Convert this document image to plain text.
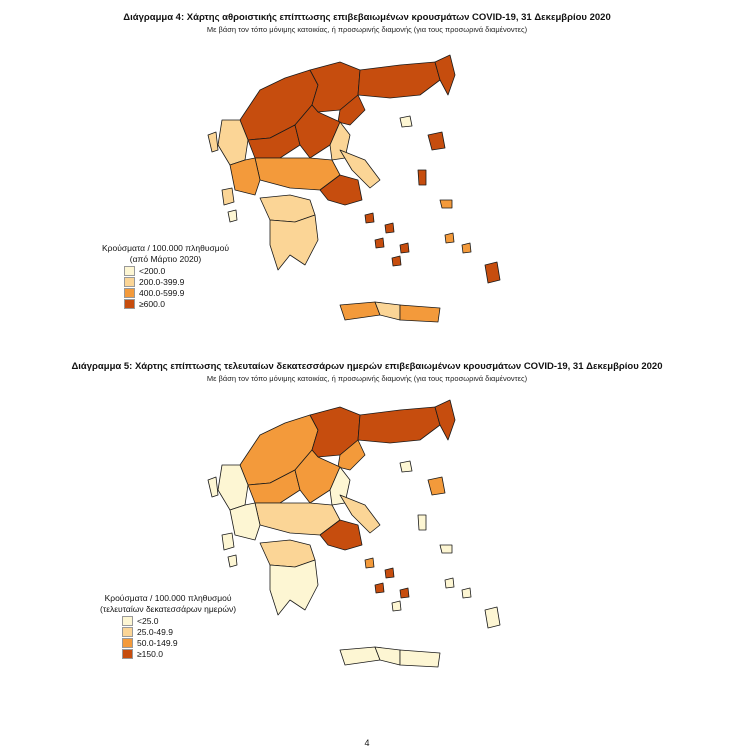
Διάγραμμα 4: Χάρτης αθροιστικής επίπτωσης επιβεβαιωμένων κρουσμάτων COVID-19, 31 Δεκεμβρίου 2020
Με βάση τον τόπο μόνιμης κατοικίας, ή προσωρινής διαμονής (για τους προσωρινά διαμένοντες)
Κρούσματα / 100.000 πληθυσμού
(από Μάρτιο 2020)
<200.0
200.0-399.9
400.0-599.9
≥600.0
Διάγραμμα 5: Χάρτης επίπτωσης τελευταίων δεκατεσσάρων ημερών επιβεβαιωμένων κρουσμάτων COVID-19, 31 Δεκεμβρίου 2020
Με βάση τον τόπο μόνιμης κατοικίας, ή προσωρινής διαμονής (για τους προσωρινά διαμένοντες)
Κρούσματα / 100.000 πληθυσμού
(τελευταίων δεκατεσσάρων ημερών)
<25.0
25.0-49.9
50.0-149.9
≥150.0
4
